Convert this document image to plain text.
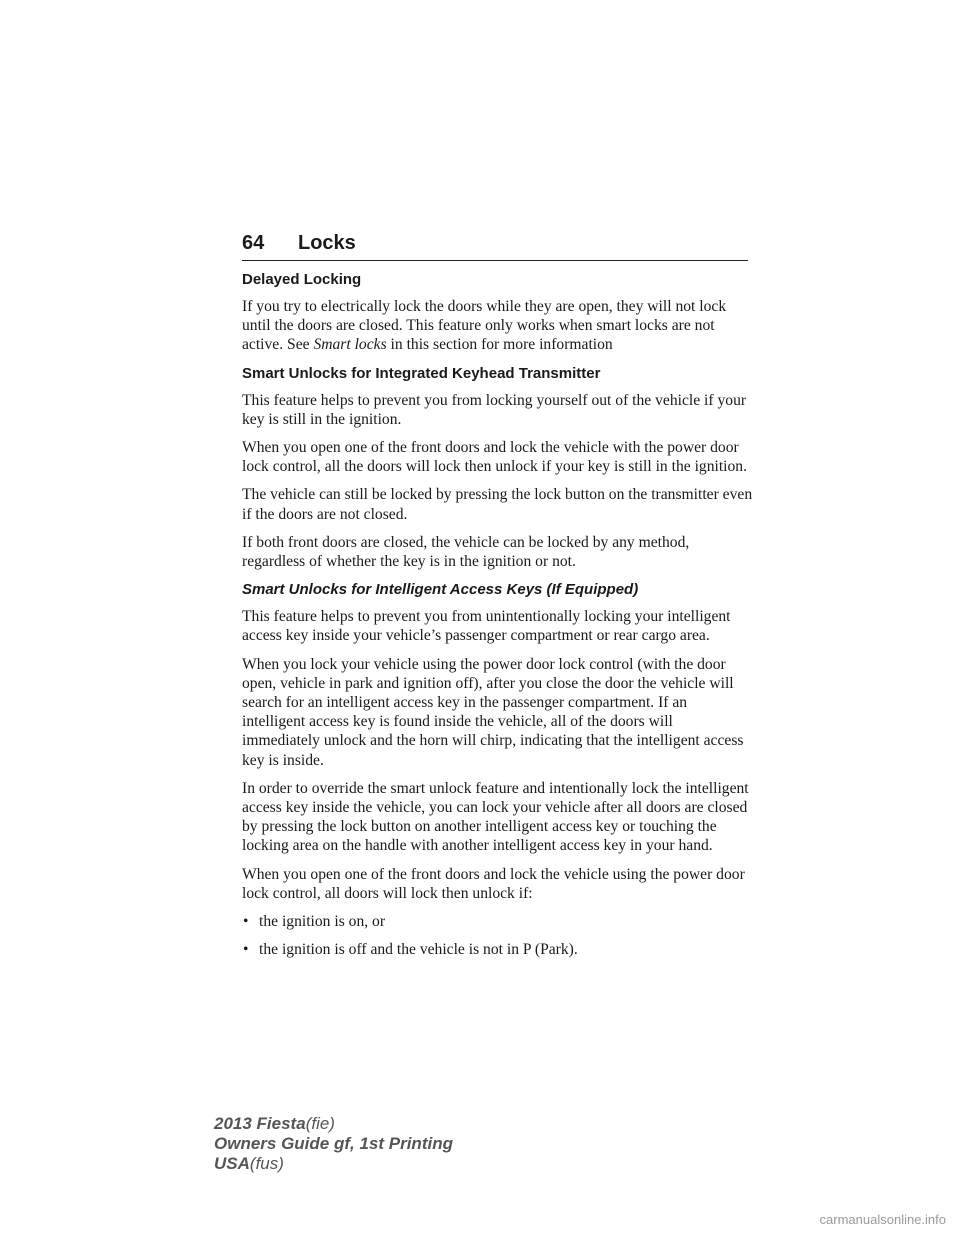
64 Locks
Delayed Locking

If you try to electrically lock the doors while they are open, they will not lock until the doors are closed. This feature only works when smart locks are not active. See Smart locks in this section for more information

Smart Unlocks for Integrated Keyhead Transmitter

This feature helps to prevent you from locking yourself out of the vehicle if your key is still in the ignition.

When you open one of the front doors and lock the vehicle with the power door lock control, all the doors will lock then unlock if your key is still in the ignition.

The vehicle can still be locked by pressing the lock button on the transmitter even if the doors are not closed.

If both front doors are closed, the vehicle can be locked by any method, regardless of whether the key is in the ignition or not.

Smart Unlocks for Intelligent Access Keys (If Equipped)

This feature helps to prevent you from unintentionally locking your intelligent access key inside your vehicle’s passenger compartment or rear cargo area.

When you lock your vehicle using the power door lock control (with the door open, vehicle in park and ignition off), after you close the door the vehicle will search for an intelligent access key in the passenger compartment. If an intelligent access key is found inside the vehicle, all of the doors will immediately unlock and the horn will chirp, indicating that the intelligent access key is inside.

In order to override the smart unlock feature and intentionally lock the intelligent access key inside the vehicle, you can lock your vehicle after all doors are closed by pressing the lock button on another intelligent access key or touching the locking area on the handle with another intelligent access key in your hand.

When you open one of the front doors and lock the vehicle using the power door lock control, all doors will lock then unlock if:

• the ignition is on, or
• the ignition is off and the vehicle is not in P (Park).
2013 Fiesta(fie)
Owners Guide gf, 1st Printing
USA(fus)
carmanualsonline.info
